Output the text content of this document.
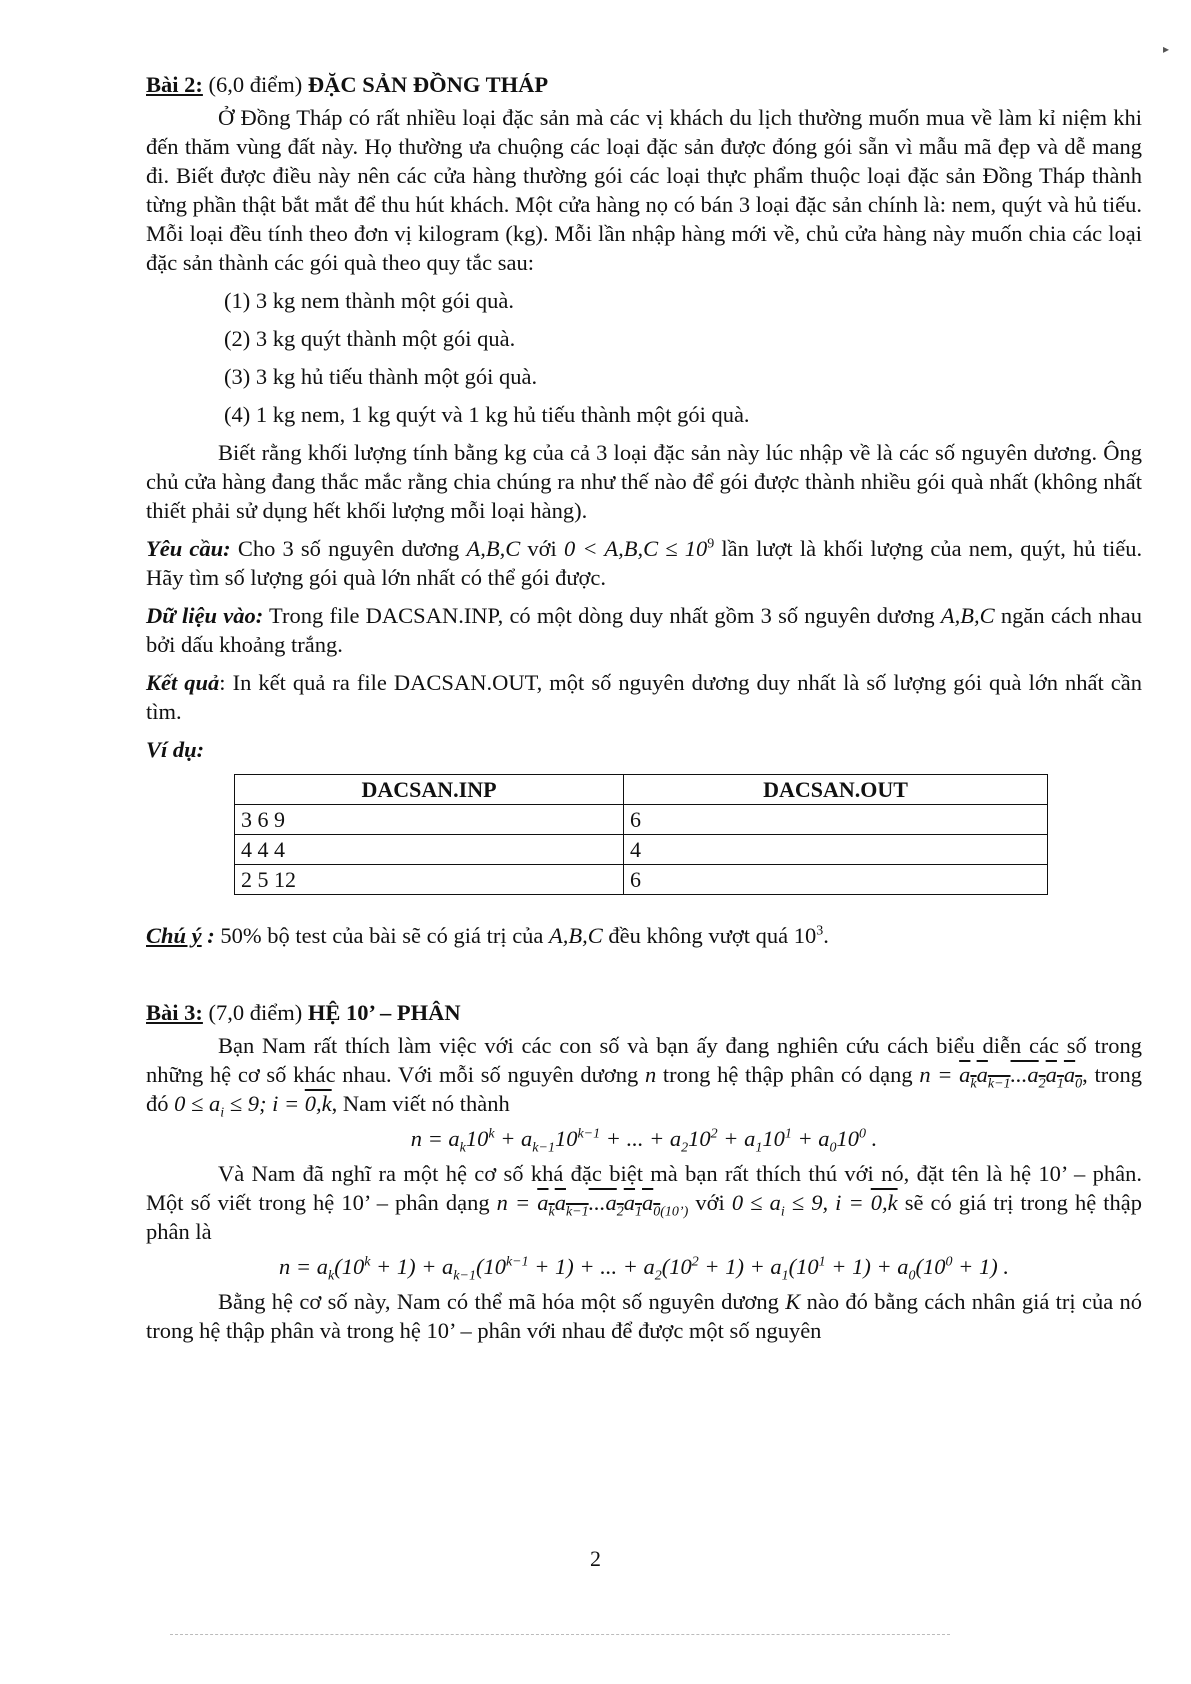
Bài 2: (6,0 điểm) ĐẶC SẢN ĐỒNG THÁP

Ở Đồng Tháp có rất nhiều loại đặc sản mà các vị khách du lịch thường muốn mua về làm kỉ niệm khi đến thăm vùng đất này. Họ thường ưa chuộng các loại đặc sản được đóng gói sẵn vì mẫu mã đẹp và dễ mang đi. Biết được điều này nên các cửa hàng thường gói các loại thực phẩm thuộc loại đặc sản Đồng Tháp thành từng phần thật bắt mắt để thu hút khách. Một cửa hàng nọ có bán 3 loại đặc sản chính là: nem, quýt và hủ tiếu. Mỗi loại đều tính theo đơn vị kilogram (kg). Mỗi lần nhập hàng mới về, chủ cửa hàng này muốn chia các loại đặc sản thành các gói quà theo quy tắc sau:

(1) 3 kg nem thành một gói quà.

(2) 3 kg quýt thành một gói quà.

(3) 3 kg hủ tiếu thành một gói quà.

(4) 1 kg nem, 1 kg quýt và 1 kg hủ tiếu thành một gói quà.

Biết rằng khối lượng tính bằng kg của cả 3 loại đặc sản này lúc nhập về là các số nguyên dương. Ông chủ cửa hàng đang thắc mắc rằng chia chúng ra như thế nào để gói được thành nhiều gói quà nhất (không nhất thiết phải sử dụng hết khối lượng mỗi loại hàng).

Yêu cầu: Cho 3 số nguyên dương A,B,C với $0 < A,B,C \le 10^9$ lần lượt là khối lượng của nem, quýt, hủ tiếu. Hãy tìm số lượng gói quà lớn nhất có thể gói được.

Dữ liệu vào: Trong file DACSAN.INP, có một dòng duy nhất gồm 3 số nguyên dương A,B,C ngăn cách nhau bởi dấu khoảng trắng.

Kết quả: In kết quả ra file DACSAN.OUT, một số nguyên dương duy nhất là số lượng gói quà lớn nhất cần tìm.

Ví dụ:

DACSAN.INP	DACSAN.OUT
3 6 9	6
4 4 4	4
2 5 12	6

Chú ý : 50% bộ test của bài sẽ có giá trị của A,B,C đều không vượt quá $10^3$.

Bài 3: (7,0 điểm) HỆ 10’ – PHÂN

Bạn Nam rất thích làm việc với các con số và bạn ấy đang nghiên cứu cách biểu diễn các số trong những hệ cơ số khác nhau. Với mỗi số nguyên dương n trong hệ thập phân có dạng $n = a_ka_{k-1}...a_2a_1a_0$, trong đó $0 \le a_i \le 9$; i = 0,k, Nam viết nó thành

$n = a_k10^k + a_{k-1}10^{k-1}$ + ... + $a_210^2 + a_110^1 + a_010^0$ .

Và Nam đã nghĩ ra một hệ cơ số khá đặc biệt mà bạn rất thích thú với nó, đặt tên là hệ 10’ – phân. Một số viết trong hệ 10’ – phân dạng $n = a_ka_{k-1}...a_2a_1a_{0(10’)}$ với $0 \le a_i \le 9$, i = 0,k sẽ có giá trị trong hệ thập phân là

$n = a_k(10^k + 1) + a_{k-1}(10^{k-1} + 1)$ + ... + $a_2(10^2 + 1) + a_1(10^1 + 1) + a_0(10^0 + 1)$ .

Bằng hệ cơ số này, Nam có thể mã hóa một số nguyên dương K nào đó bằng cách nhân giá trị của nó trong hệ thập phân và trong hệ 10’ – phân với nhau để được một số nguyên

2
▸
